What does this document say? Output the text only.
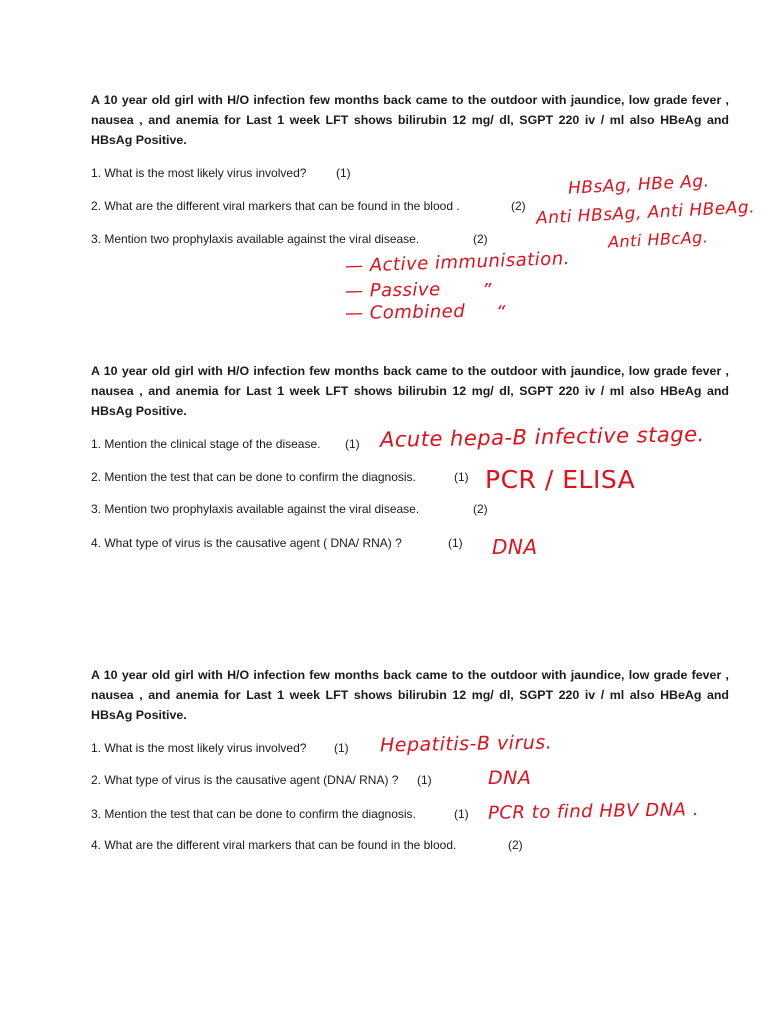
A 10 year old girl with H/O infection few months back came to the outdoor with jaundice, low grade fever , nausea , and anemia for Last 1 week LFT shows bilirubin 12 mg/ dl, SGPT 220 iv / ml also HBeAg and HBsAg Positive.

1. What is the most likely virus involved? (1)
2. What are the different viral markers that can be found in the blood .	(2)
3. Mention two prophylaxis available against the viral disease.	(2)
HBsAg, HBe Ag.
Anti HBsAg, Anti HBeAg.
Anti HBcAg.
— Active immunisation.
— Passive
— Combined
”
“

A 10 year old girl with H/O infection few months back came to the outdoor with jaundice, low grade fever , nausea , and anemia for Last 1 week LFT shows bilirubin 12 mg/ dl, SGPT 220 iv / ml also HBeAg and HBsAg Positive.

1. Mention the clinical stage of the disease. (1)
2. Mention the test that can be done to confirm the diagnosis.	(1)
3. Mention two prophylaxis available against the viral disease.	(2)
4. What type of virus is the causative agent ( DNA/ RNA) ?	(1)
Acute hepa-B infective stage.
PCR / ELISA
DNA

A 10 year old girl with H/O infection few months back came to the outdoor with jaundice, low grade fever , nausea , and anemia for Last 1 week LFT shows bilirubin 12 mg/ dl, SGPT 220 iv / ml also HBeAg and HBsAg Positive.

1. What is the most likely virus involved? (1)
2. What type of virus is the causative agent (DNA/ RNA) ? (1)
3. Mention the test that can be done to confirm the diagnosis.	(1)
4. What are the different viral markers that can be found in the blood.	(2)
Hepatitis-B virus.
DNA
PCR to find HBV DNA .
